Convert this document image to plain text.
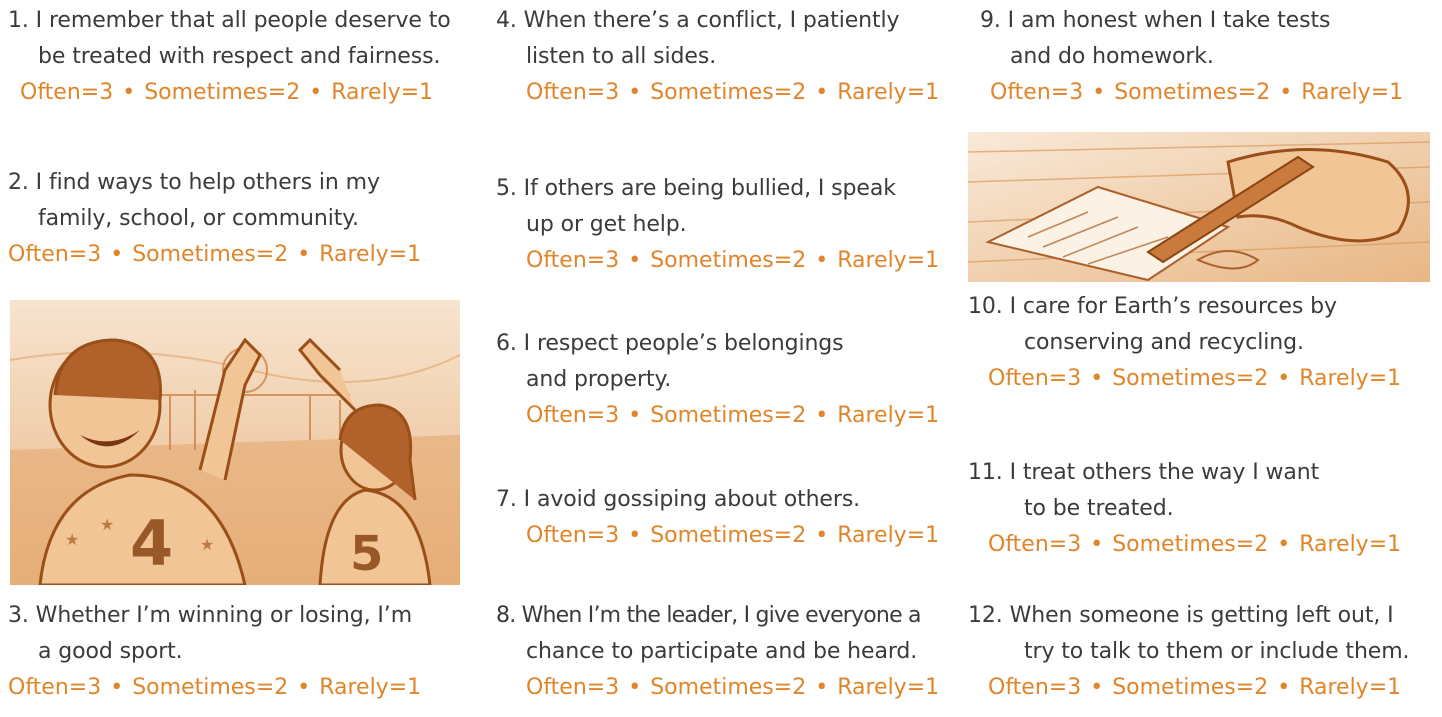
1. I remember that all people deserve to
be treated with respect and fairness.
Often=3 • Sometimes=2 • Rarely=1
2. I find ways to help others in my
family, school, or community.
Often=3 • Sometimes=2 • Rarely=1
4	5
★
★
★
3. Whether I’m winning or losing, I’m
a good sport.
Often=3 • Sometimes=2 • Rarely=1
4. When there’s a conflict, I patiently
listen to all sides.
Often=3 • Sometimes=2 • Rarely=1
5. If others are being bullied, I speak
up or get help.
Often=3 • Sometimes=2 • Rarely=1
6. I respect people’s belongings
and property.
Often=3 • Sometimes=2 • Rarely=1
7. I avoid gossiping about others.
Often=3 • Sometimes=2 • Rarely=1
8. When I’m the leader, I give everyone a
chance to participate and be heard.
Often=3 • Sometimes=2 • Rarely=1
9. I am honest when I take tests
and do homework.
Often=3 • Sometimes=2 • Rarely=1
10. I care for Earth’s resources by
conserving and recycling.
Often=3 • Sometimes=2 • Rarely=1
11. I treat others the way I want
to be treated.
Often=3 • Sometimes=2 • Rarely=1
12. When someone is getting left out, I
try to talk to them or include them.
Often=3 • Sometimes=2 • Rarely=1
